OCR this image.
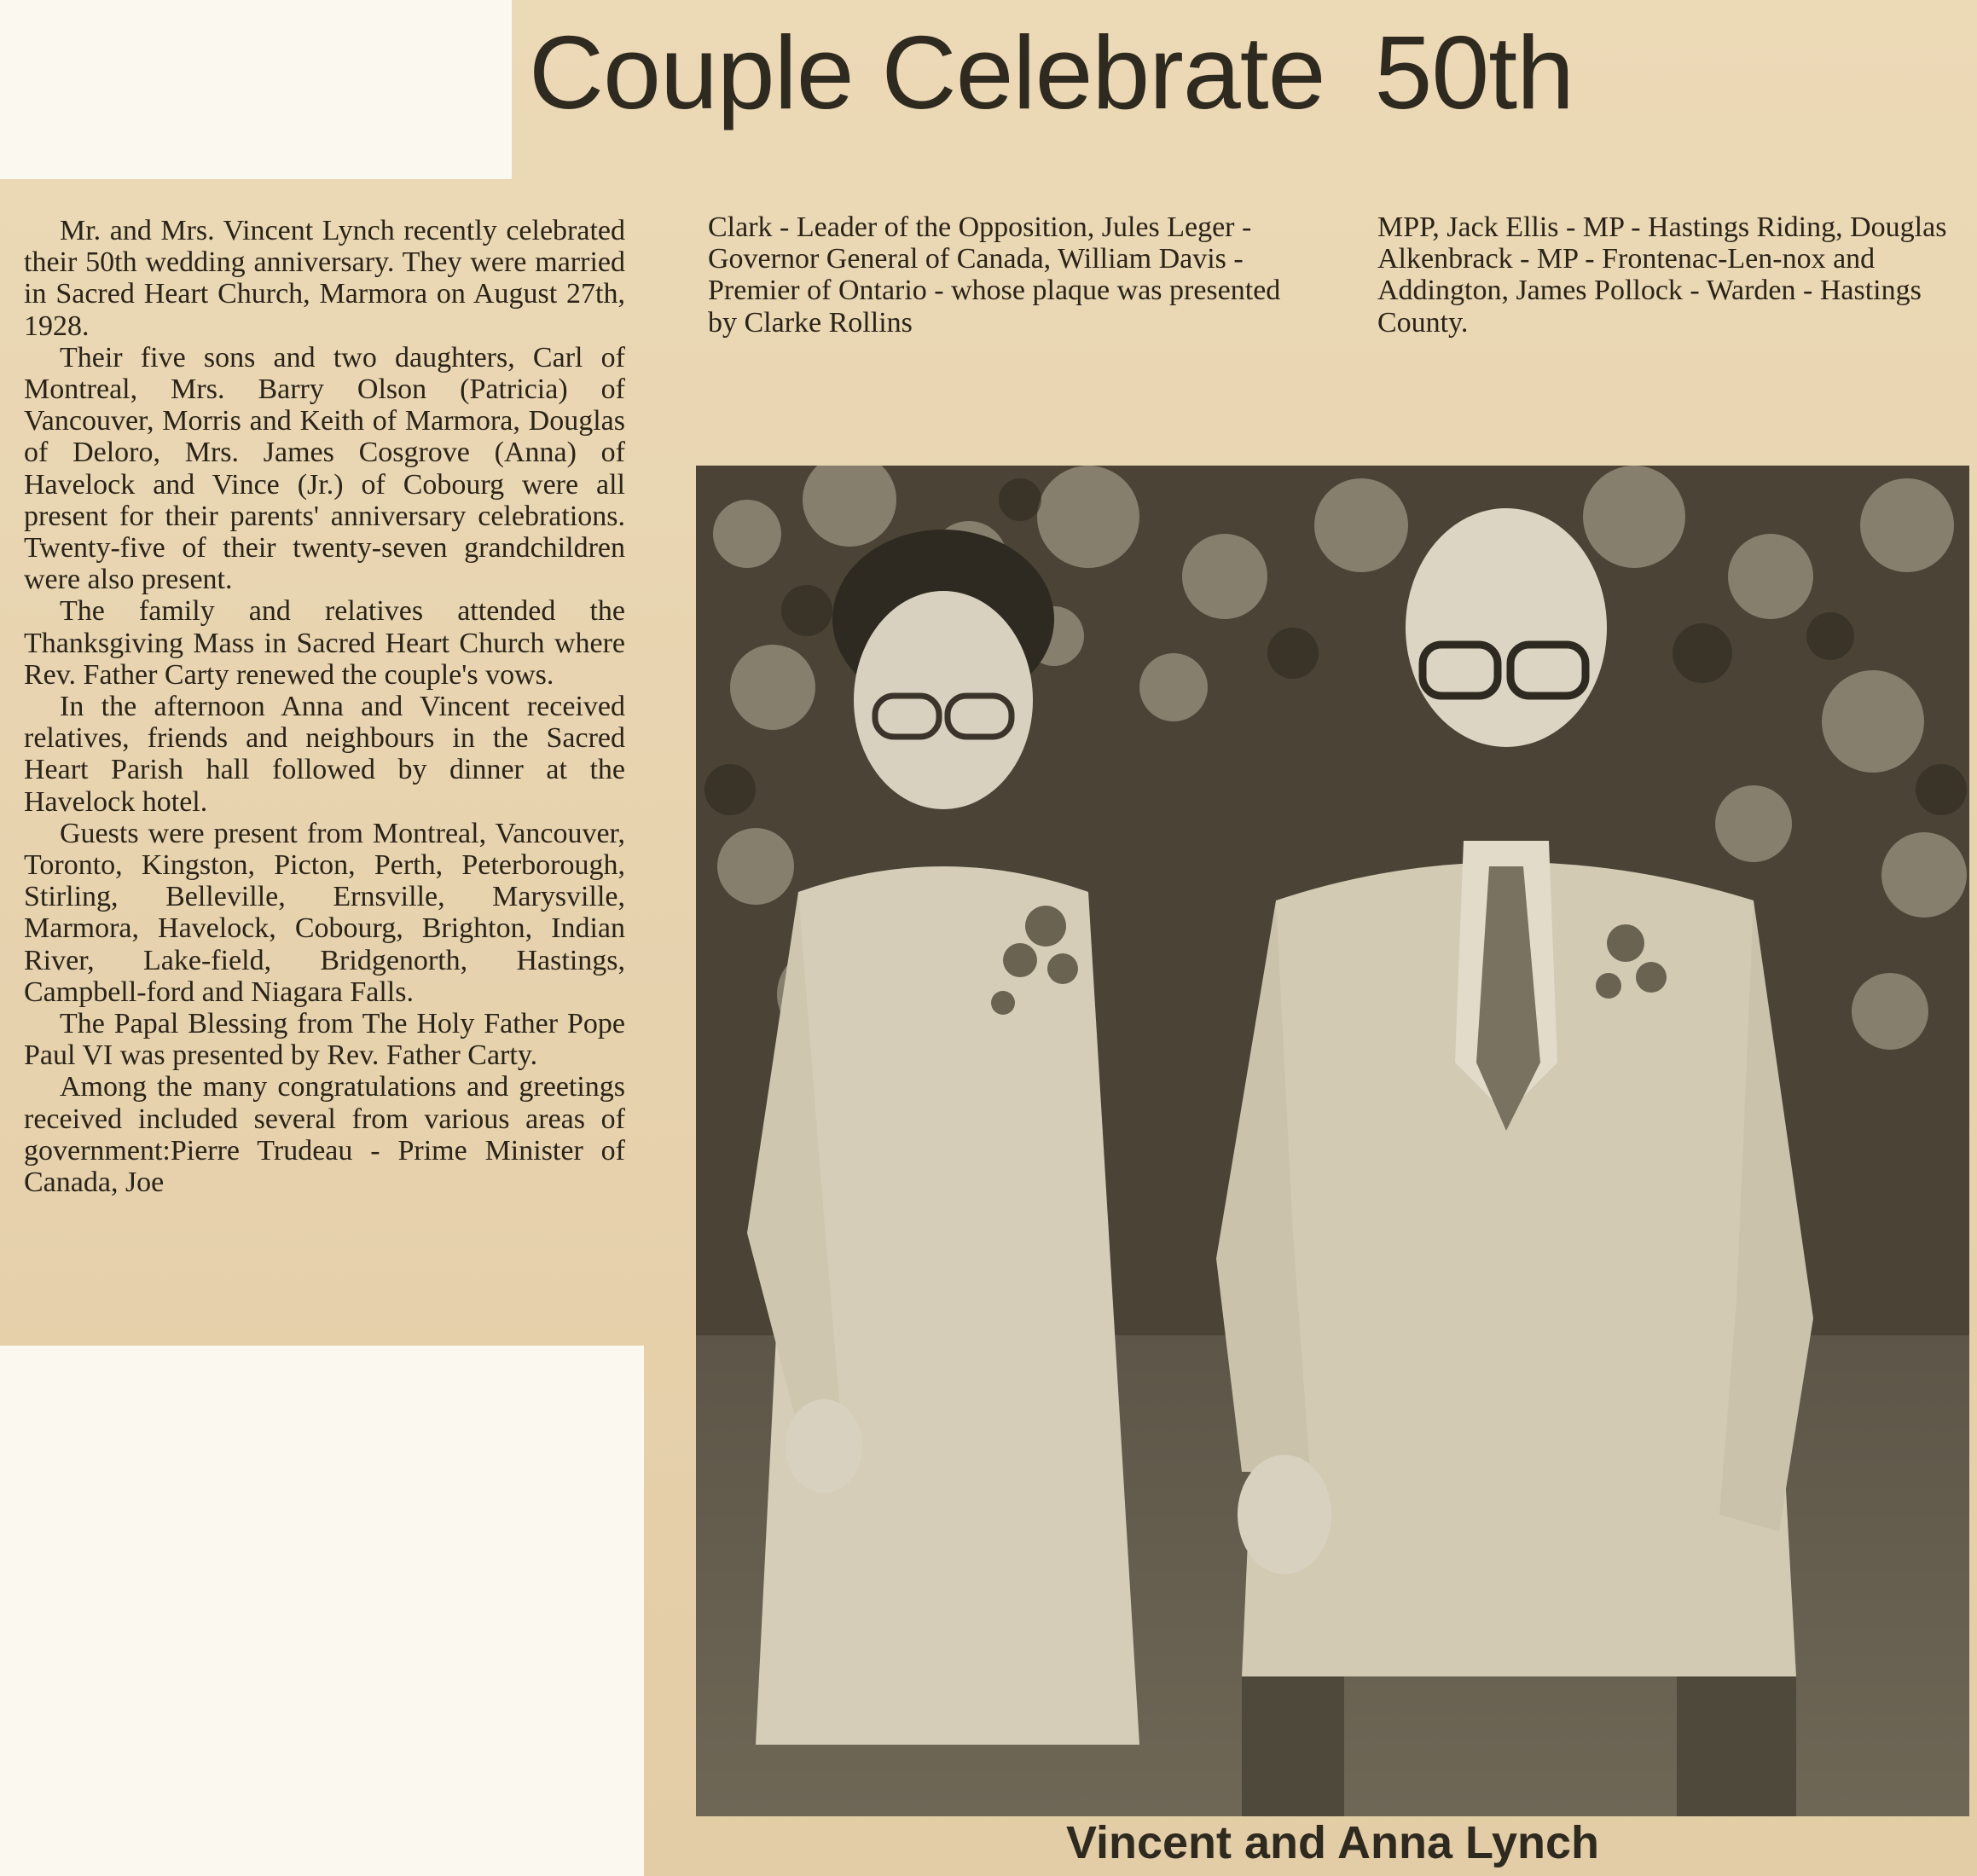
Couple Celebrate 50th

Mr. and Mrs. Vincent Lynch recently celebrated their 50th wedding anniversary. They were married in Sacred Heart Church, Marmora on August 27th, 1928.

Their five sons and two daughters, Carl of Montreal, Mrs. Barry Olson (Patricia) of Vancouver, Morris and Keith of Marmora, Douglas of Deloro, Mrs. James Cosgrove (Anna) of Havelock and Vince (Jr.) of Cobourg were all present for their parents' anniversary celebrations. Twenty-five of their twenty-seven grandchildren were also present.

The family and relatives attended the Thanksgiving Mass in Sacred Heart Church where Rev. Father Carty renewed the couple's vows.

In the afternoon Anna and Vincent received relatives, friends and neighbours in the Sacred Heart Parish hall followed by dinner at the Havelock hotel.

Guests were present from Montreal, Vancouver, Toronto, Kingston, Picton, Perth, Peterborough, Stirling, Belleville, Ernsville, Marysville, Marmora, Havelock, Cobourg, Brighton, Indian River, Lake-field, Bridgenorth, Hastings, Campbell-ford and Niagara Falls.

The Papal Blessing from The Holy Father Pope Paul VI was presented by Rev. Father Carty.

Among the many congratulations and greetings received included several from various areas of government:Pierre Trudeau - Prime Minister of Canada, Joe

Clark - Leader of the Opposition, Jules Leger - Governor General of Canada, William Davis - Premier of Ontario - whose plaque was presented by Clarke Rollins

MPP, Jack Ellis - MP - Hastings Riding, Douglas Alkenbrack - MP - Frontenac-Len-nox and Addington, James Pollock - Warden - Hastings County.

Vincent and Anna Lynch
